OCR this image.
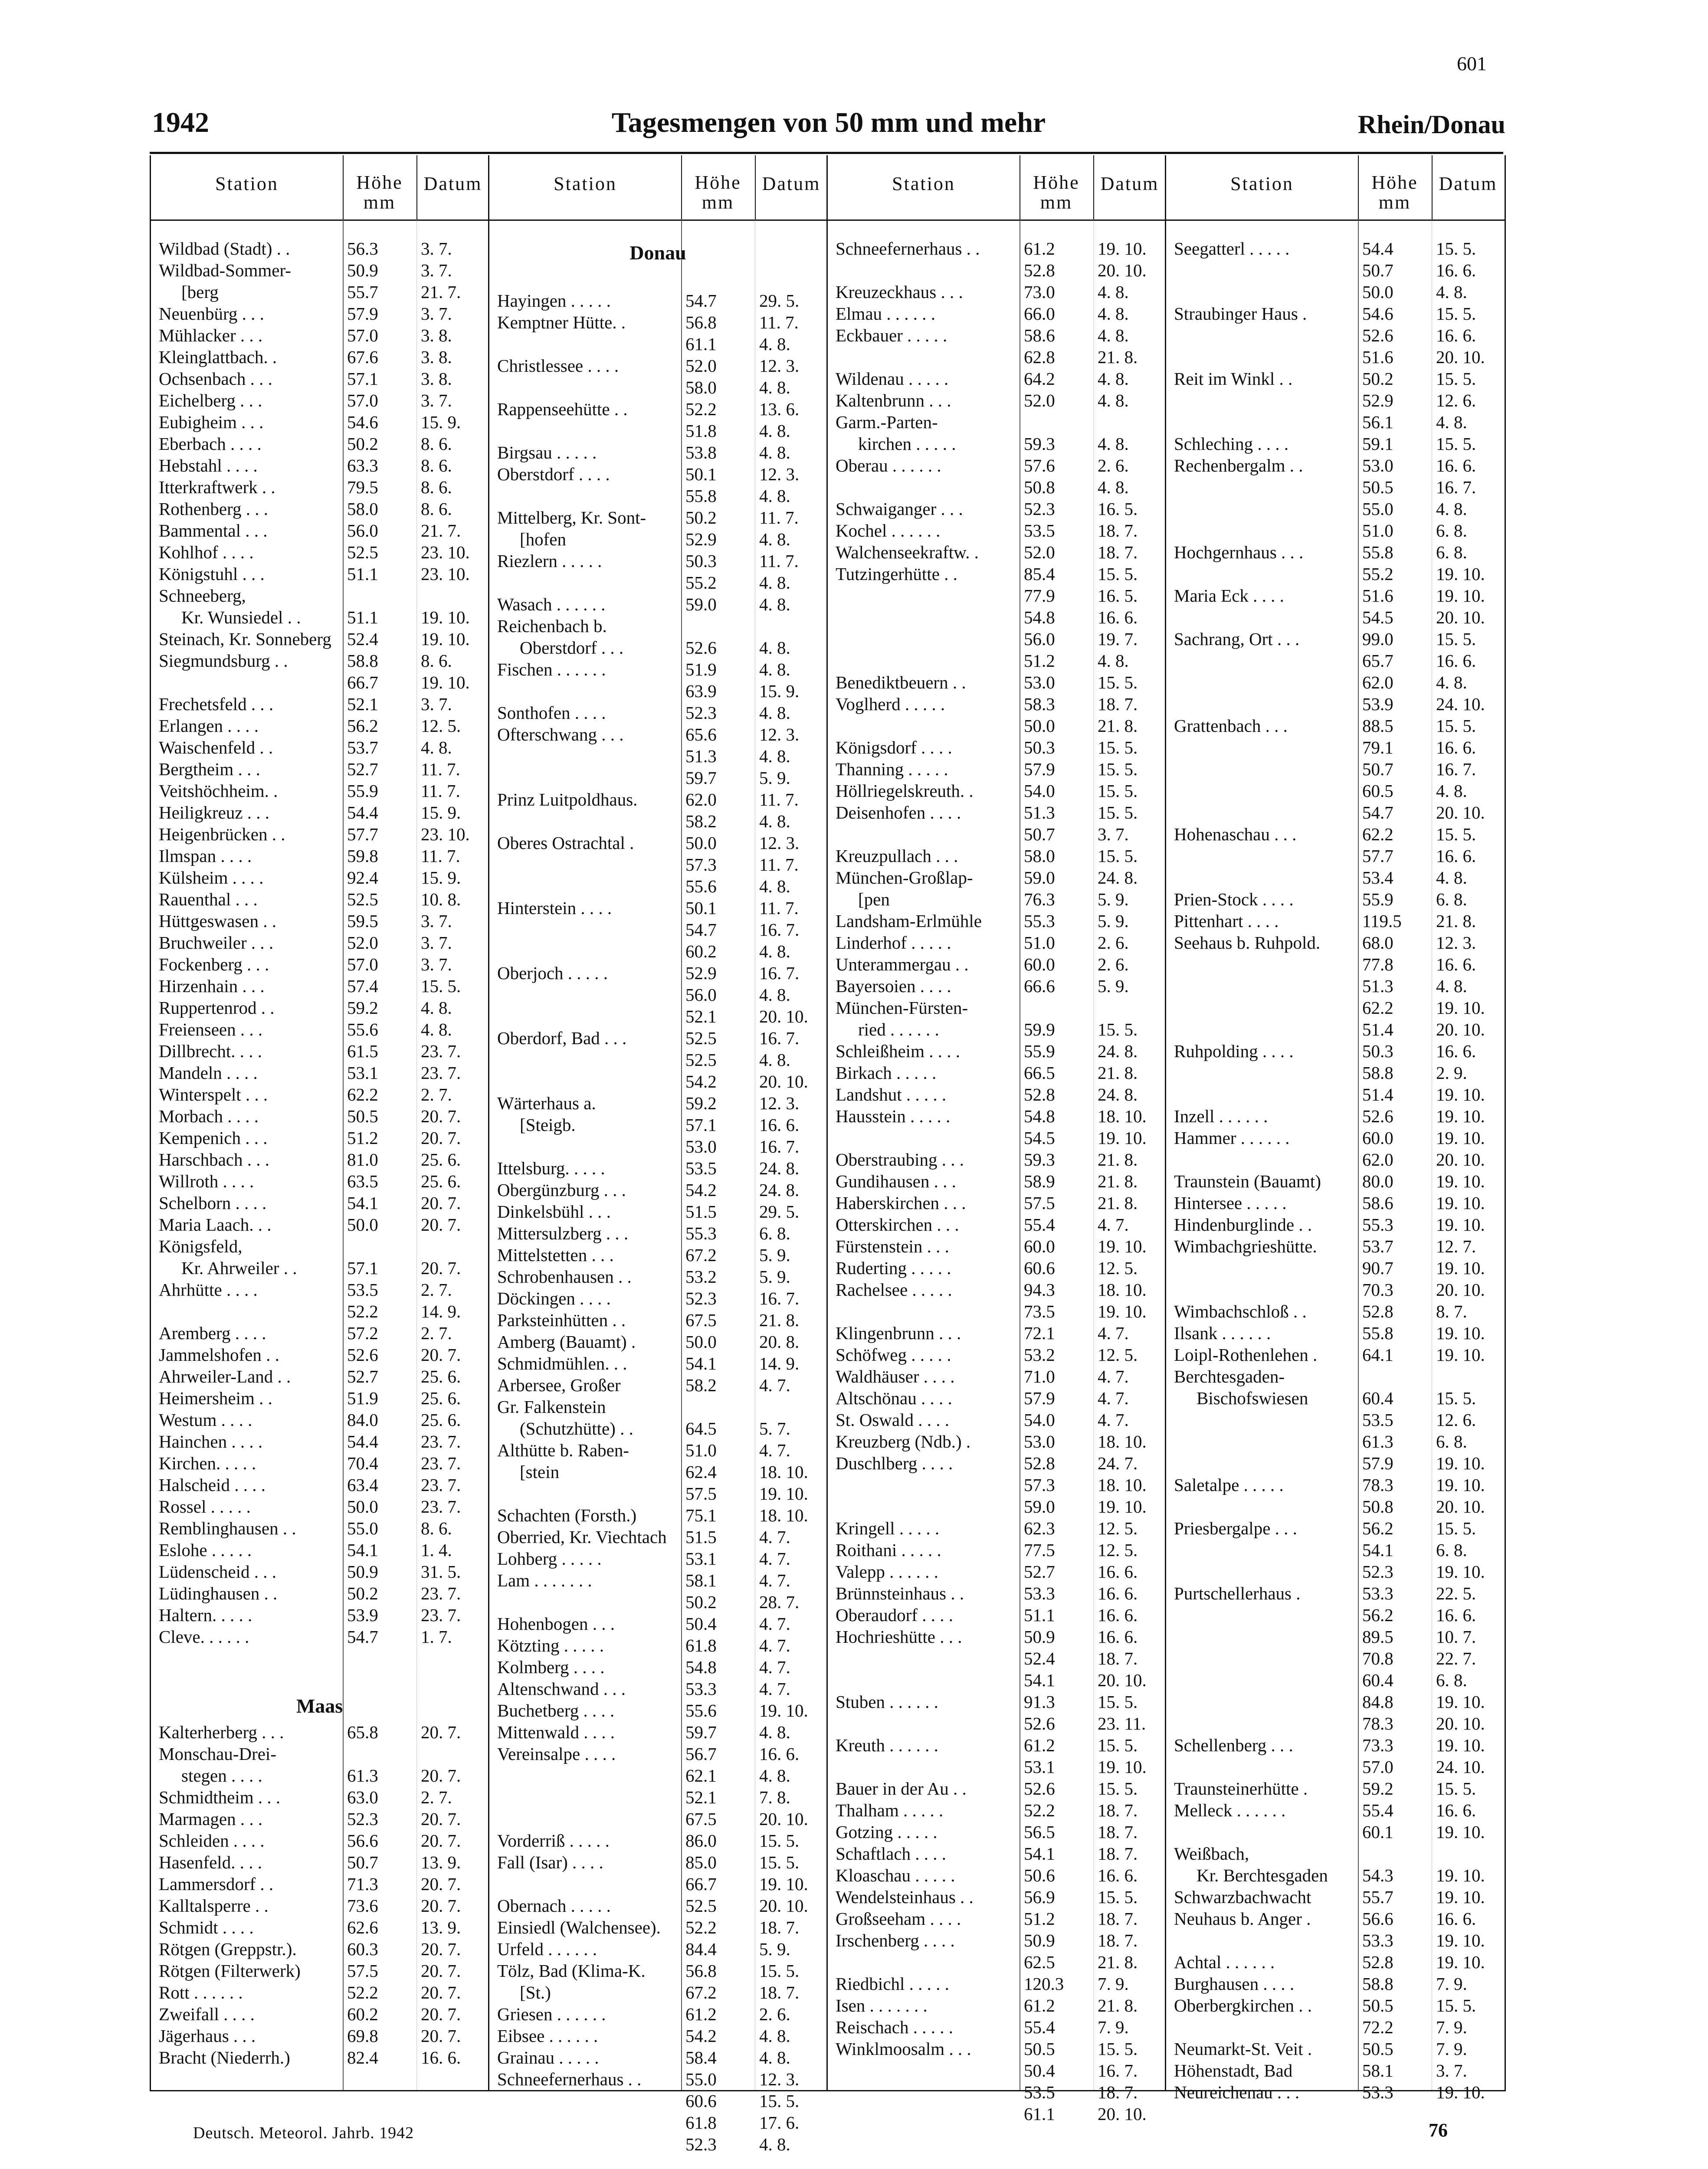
601
1942	Tagesmengen von 50 mm und mehr	Rhein/Donau
Station	Höhe mm
Datum
Wildbad (Stadt) . .	56.3	3. 7.
Wildbad-Sommer-	50.9	3. 7.
[berg	55.7	21. 7.
Neuenbürg . . .	57.9	3. 7.
Mühlacker . . .	57.0	3. 8.
Kleinglattbach. .	67.6	3. 8.
Ochsenbach . . .	57.1	3. 8.
Eichelberg . . .	57.0	3. 7.
Eubigheim . . .	54.6	15. 9.
Eberbach . . . .	50.2	8. 6.
Hebstahl . . . .	63.3	8. 6.
Itterkraftwerk . .	79.5	8. 6.
Rothenberg . . .	58.0	8. 6.
Bammental . . .	56.0	21. 7.
Kohlhof . . . .	52.5	23. 10.
Königstuhl . . .	51.1	23. 10.
Schneeberg,
Kr. Wunsiedel . .	51.1	19. 10.
Steinach, Kr. Sonneberg 52.4	19. 10.
Siegmundsburg . .	58.8	8. 6.
66.7	19. 10.
Frechetsfeld . . .	52.1	3. 7.
Erlangen . . . .	56.2	12. 5.
Waischenfeld . .	53.7	4. 8.
Bergtheim . . .	52.7	11. 7.
Veitshöchheim. .	55.9	11. 7.
Heiligkreuz . . .	54.4	15. 9.
Heigenbrücken . .	57.7	23. 10.
Ilmspan . . . .	59.8	11. 7.
Külsheim . . . .	92.4	15. 9.
Rauenthal . . .	52.5	10. 8.
Hüttgeswasen . .	59.5	3. 7.
Bruchweiler . . .	52.0	3. 7.
Fockenberg . . .	57.0	3. 7.
Hirzenhain . . .	57.4	15. 5.
Ruppertenrod . .	59.2	4. 8.
Freienseen . . .	55.6	4. 8.
Dillbrecht. . . .	61.5	23. 7.
Mandeln . . . .	53.1	23. 7.
Winterspelt . . .	62.2	2. 7.
Morbach . . . .	50.5	20. 7.
Kempenich . . .	51.2	20. 7.
Harschbach . . .	81.0	25. 6.
Willroth . . . .	63.5	25. 6.
Schelborn . . . .	54.1	20. 7.
Maria Laach. . .	50.0	20. 7.
Königsfeld,
Kr. Ahrweiler . .	57.1	20. 7.
Ahrhütte . . . .	53.5	2. 7.
52.2	14. 9.
Aremberg . . . .	57.2	2. 7.
Jammelshofen . .	52.6	20. 7.
Ahrweiler-Land . .	52.7	25. 6.
Heimersheim . .	51.9	25. 6.
Westum . . . .	84.0	25. 6.
Hainchen . . . .	54.4	23. 7.
Kirchen. . . . .	70.4	23. 7.
Halscheid . . . .	63.4	23. 7.
Rossel . . . . .	50.0	23. 7.
Remblinghausen . .	55.0	8. 6.
Eslohe . . . . .	54.1	1. 4.
Lüdenscheid . . .	50.9	31. 5.
Lüdinghausen . .	50.2	23. 7.
Haltern. . . . .	53.9	23. 7.
Cleve. . . . . .	54.7	1. 7.
Maas
Kalterherberg . . .	65.8	20. 7.
Monschau-Drei-
stegen . . . .	61.3	20. 7.
Schmidtheim . . .	63.0	2. 7.
Marmagen . . .	52.3	20. 7.
Schleiden . . . .	56.6	20. 7.
Hasenfeld. . . .	50.7	13. 9.
Lammersdorf . .	71.3	20. 7.
Kalltalsperre . .	73.6	20. 7.
Schmidt . . . .	62.6	13. 9.
Rötgen (Greppstr.).	60.3	20. 7.
Rötgen (Filterwerk)	57.5	20. 7.
Rott . . . . . .	52.2	20. 7.
Zweifall . . . .	60.2	20. 7.
Jägerhaus . . .	69.8	20. 7.
Bracht (Niederrh.)	82.4	16. 6.
Station	Höhe mm
Datum
Donau
Hayingen . . . . .	54.7	29. 5.
Kemptner Hütte. .	56.8	11. 7.
61.1	4. 8.
Christlessee . . . .	52.0	12. 3.
58.0	4. 8.
Rappenseehütte . .	52.2	13. 6.
51.8	4. 8.
Birgsau . . . . .	53.8	4. 8.
Oberstdorf . . . .	50.1	12. 3.
55.8	4. 8.
Mittelberg, Kr. Sont-	50.2	11. 7.
[hofen	52.9	4. 8.
Riezlern . . . . .	50.3	11. 7.
55.2	4. 8.
Wasach . . . . . .	59.0	4. 8.
Reichenbach b.
Oberstdorf . . .	52.6	4. 8.
Fischen . . . . . .	51.9	4. 8.
63.9	15. 9.
Sonthofen . . . .	52.3	4. 8.
Ofterschwang . . .	65.6	12. 3.
51.3	4. 8.
59.7	5. 9.
Prinz Luitpoldhaus.	62.0	11. 7.
58.2	4. 8.
Oberes Ostrachtal .	50.0	12. 3.
57.3	11. 7.
55.6	4. 8.
Hinterstein . . . .	50.1	11. 7.
54.7	16. 7.
60.2	4. 8.
Oberjoch . . . . .	52.9	16. 7.
56.0	4. 8.
52.1	20. 10.
Oberdorf, Bad . . .	52.5	16. 7.
52.5	4. 8.
54.2	20. 10.
Wärterhaus a.	59.2	12. 3.
[Steigb.	57.1	16. 6.
53.0	16. 7.
Ittelsburg. . . . .	53.5	24. 8.
Obergünzburg . . .	54.2	24. 8.
Dinkelsbühl . . .	51.5	29. 5.
Mittersulzberg . . .	55.3	6. 8.
Mittelstetten . . .	67.2	5. 9.
Schrobenhausen . .	53.2	5. 9.
Döckingen . . . .	52.3	16. 7.
Parksteinhütten . .	67.5	21. 8.
Amberg (Bauamt) .	50.0	20. 8.
Schmidmühlen. . .	54.1	14. 9.
Arbersee, Großer	58.2	4. 7.
Gr. Falkenstein
(Schutzhütte) . .	64.5	5. 7.
Althütte b. Raben-	51.0	4. 7.
[stein	62.4	18. 10.
57.5	19. 10.
Schachten (Forsth.)	75.1	18. 10.
Oberried, Kr. Viechtach	51.5	4. 7.
Lohberg . . . . .	53.1	4. 7.
Lam . . . . . . .	58.1	4. 7.
50.2	28. 7.
Hohenbogen . . .	50.4	4. 7.
Kötzting . . . . .	61.8	4. 7.
Kolmberg . . . .	54.8	4. 7.
Altenschwand . . .	53.3	4. 7.
Buchetberg . . . .	55.6	19. 10.
Mittenwald . . . .	59.7	4. 8.
Vereinsalpe . . . .	56.7	16. 6.
62.1	4. 8.
52.1	7. 8.
67.5	20. 10.
Vorderriß . . . . .	86.0	15. 5.
Fall (Isar) . . . .	85.0	15. 5.
66.7	19. 10.
Obernach . . . . .	52.5	20. 10.
Einsiedl (Walchensee).	52.2	18. 7.
Urfeld . . . . . .	84.4	5. 9.
Tölz, Bad (Klima-K.	56.8	15. 5.
[St.)	67.2	18. 7.
Griesen . . . . . .	61.2	2. 6.
Eibsee . . . . . .	54.2	4. 8.
Grainau . . . . .	58.4	4. 8.
Schneefernerhaus . .	55.0	12. 3.
60.6	15. 5.
61.8	17. 6.
52.3	4. 8.
Station	Höhe mm
Datum
Schneefernerhaus . .	61.2	19. 10.
52.8	20. 10.
Kreuzeckhaus . . .	73.0	4. 8.
Elmau . . . . . .	66.0	4. 8.
Eckbauer . . . . .	58.6	4. 8.
62.8	21. 8.
Wildenau . . . . .	64.2	4. 8.
Kaltenbrunn . . .	52.0	4. 8.
Garm.-Parten-
kirchen . . . . .	59.3	4. 8.
Oberau . . . . . .	57.6	2. 6.
50.8	4. 8.
Schwaiganger . . .	52.3	16. 5.
Kochel . . . . . .	53.5	18. 7.
Walchenseekraftw. .	52.0	18. 7.
Tutzingerhütte . .	85.4	15. 5.
77.9	16. 5.
54.8	16. 6.
56.0	19. 7.
51.2	4. 8.
Benediktbeuern . .	53.0	15. 5.
Voglherd . . . . .	58.3	18. 7.
50.0	21. 8.
Königsdorf . . . .	50.3	15. 5.
Thanning . . . . .	57.9	15. 5.
Höllriegelskreuth. .	54.0	15. 5.
Deisenhofen . . . .	51.3	15. 5.
50.7	3. 7.
Kreuzpullach . . .	58.0	15. 5.
München-Großlap-	59.0	24. 8.
[pen	76.3	5. 9.
Landsham-Erlmühle	55.3	5. 9.
Linderhof . . . . .	51.0	2. 6.
Unterammergau . .	60.0	2. 6.
Bayersoien . . . .	66.6	5. 9.
München-Fürsten-
ried . . . . . .	59.9	15. 5.
Schleißheim . . . .	55.9	24. 8.
Birkach . . . . .	66.5	21. 8.
Landshut . . . . .	52.8	24. 8.
Hausstein . . . . .	54.8	18. 10.
54.5	19. 10.
Oberstraubing . . .	59.3	21. 8.
Gundihausen . . .	58.9	21. 8.
Haberskirchen . . .	57.5	21. 8.
Otterskirchen . . .	55.4	4. 7.
Fürstenstein . . .	60.0	19. 10.
Ruderting . . . . .	60.6	12. 5.
Rachelsee . . . . .	94.3	18. 10.
73.5	19. 10.
Klingenbrunn . . .	72.1	4. 7.
Schöfweg . . . . .	53.2	12. 5.
Waldhäuser . . . .	71.0	4. 7.
Altschönau . . . .	57.9	4. 7.
St. Oswald . . . .	54.0	4. 7.
Kreuzberg (Ndb.) .	53.0	18. 10.
Duschlberg . . . .	52.8	24. 7.
57.3	18. 10.
59.0	19. 10.
Kringell . . . . .	62.3	12. 5.
Roithani . . . . .	77.5	12. 5.
Valepp . . . . . .	52.7	16. 6.
Brünnsteinhaus . .	53.3	16. 6.
Oberaudorf . . . .	51.1	16. 6.
Hochrieshütte . . .	50.9	16. 6.
52.4	18. 7.
54.1	20. 10.
Stuben . . . . . .	91.3	15. 5.
52.6	23. 11.
Kreuth . . . . . .	61.2	15. 5.
53.1	19. 10.
Bauer in der Au . .	52.6	15. 5.
Thalham . . . . .	52.2	18. 7.
Gotzing . . . . .	56.5	18. 7.
Schaftlach . . . .	54.1	18. 7.
Kloaschau . . . . .	50.6	16. 6.
Wendelsteinhaus . .	56.9	15. 5.
Großseeham . . . .	51.2	18. 7.
Irschenberg . . . .	50.9	18. 7.
62.5	21. 8.
Riedbichl . . . . .	120.3	7. 9.
Isen . . . . . . .	61.2	21. 8.
Reischach . . . . .	55.4	7. 9.
Winklmoosalm . . .	50.5	15. 5.
50.4	16. 7.
53.5	18. 7.
61.1	20. 10.
Station	Höhe mm
Datum
Seegatterl . . . . .	54.4	15. 5.
50.7	16. 6.
50.0	4. 8.
Straubinger Haus .	54.6	15. 5.
52.6	16. 6.
51.6	20. 10.
Reit im Winkl . .	50.2	15. 5.
52.9	12. 6.
56.1	4. 8.
Schleching . . . .	59.1	15. 5.
Rechenbergalm . .	53.0	16. 6.
50.5	16. 7.
55.0	4. 8.
51.0	6. 8.
Hochgernhaus . . .	55.8	6. 8.
55.2	19. 10.
Maria Eck . . . .	51.6	19. 10.
54.5	20. 10.
Sachrang, Ort . . .	99.0	15. 5.
65.7	16. 6.
62.0	4. 8.
53.9	24. 10.
Grattenbach . . .	88.5	15. 5.
79.1	16. 6.
50.7	16. 7.
60.5	4. 8.
54.7	20. 10.
Hohenaschau . . .	62.2	15. 5.
57.7	16. 6.
53.4	4. 8.
Prien-Stock . . . .	55.9	6. 8.
Pittenhart . . . .	119.5	21. 8.
Seehaus b. Ruhpold.	68.0	12. 3.
77.8	16. 6.
51.3	4. 8.
62.2	19. 10.
51.4	20. 10.
Ruhpolding . . . .	50.3	16. 6.
58.8	2. 9.
51.4	19. 10.
Inzell . . . . . .	52.6	19. 10.
Hammer . . . . . .	60.0	19. 10.
62.0	20. 10.
Traunstein (Bauamt)	80.0	19. 10.
Hintersee . . . . .	58.6	19. 10.
Hindenburglinde . .	55.3	19. 10.
Wimbachgrieshütte.	53.7	12. 7.
90.7	19. 10.
70.3	20. 10.
Wimbachschloß . .	52.8	8. 7.
Ilsank . . . . . .	55.8	19. 10.
Loipl-Rothenlehen .	64.1	19. 10.
Berchtesgaden-
Bischofswiesen	60.4	15. 5.
53.5	12. 6.
61.3	6. 8.
57.9	19. 10.
Saletalpe . . . . .	78.3	19. 10.
50.8	20. 10.
Priesbergalpe . . .	56.2	15. 5.
54.1	6. 8.
52.3	19. 10.
Purtschellerhaus .	53.3	22. 5.
56.2	16. 6.
89.5	10. 7.
70.8	22. 7.
60.4	6. 8.
84.8	19. 10.
78.3	20. 10.
Schellenberg . . .	73.3	19. 10.
57.0	24. 10.
Traunsteinerhütte .	59.2	15. 5.
Melleck . . . . . .	55.4	16. 6.
60.1	19. 10.
Weißbach,
Kr. Berchtesgaden	54.3	19. 10.
Schwarzbachwacht	55.7	19. 10.
Neuhaus b. Anger .	56.6	16. 6.
53.3	19. 10.
Achtal . . . . . .	52.8	19. 10.
Burghausen . . . .	58.8	7. 9.
Oberbergkirchen . .	50.5	15. 5.
72.2	7. 9.
Neumarkt-St. Veit .	50.5	7. 9.
Höhenstadt, Bad	58.1	3. 7.
Neureichenau . . .	53.3	19. 10.
Deutsch. Meteorol. Jahrb. 1942	76
